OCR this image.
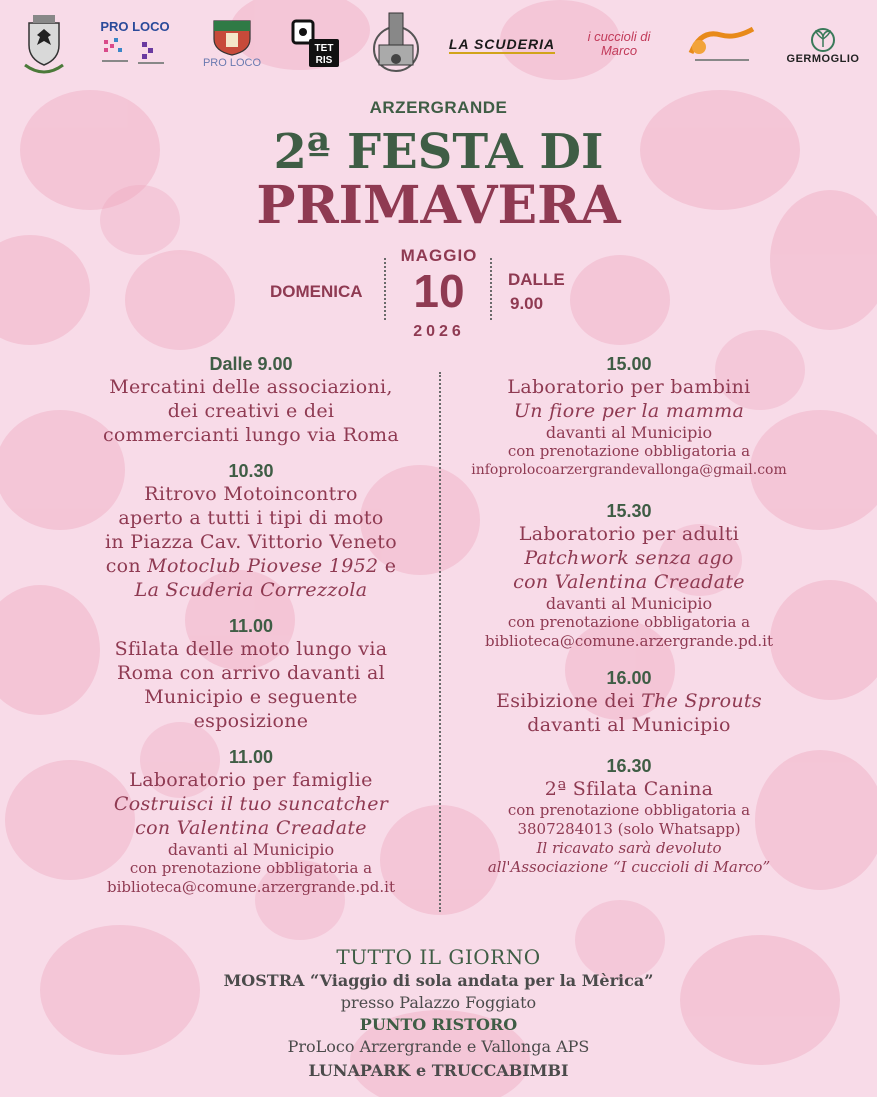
PRO LOCO
PRO LOCO
TET
RIS
LA SCUDERIA i cuccioli di Marco
GERMOGLIO
ARZERGRANDE
2ª FESTA DI
PRIMAVERA
DOMENICA
MAGGIO
10
2026
DALLE
9.00
Dalle 9.00
Mercatini delle associazioni,
dei creativi e dei
commercianti lungo via Roma
10.30
Ritrovo Motoincontro
aperto a tutti i tipi di moto
in Piazza Cav. Vittorio Veneto
con Motoclub Piovese 1952 e
La Scuderia Correzzola
11.00
Sfilata delle moto lungo via
Roma con arrivo davanti al
Municipio e seguente
esposizione
11.00
Laboratorio per famiglie
Costruisci il tuo suncatcher
con Valentina Creadate
davanti al Municipio
con prenotazione obbligatoria a
biblioteca@comune.arzergrande.pd.it
15.00
Laboratorio per bambini
Un fiore per la mamma
davanti al Municipio
con prenotazione obbligatoria a
infoprolocoarzergrandevallonga@gmail.com
15.30
Laboratorio per adulti
Patchwork senza ago
con Valentina Creadate
davanti al Municipio
con prenotazione obbligatoria a
biblioteca@comune.arzergrande.pd.it
16.00
Esibizione dei The Sprouts
davanti al Municipio
16.30
2ª Sfilata Canina
con prenotazione obbligatoria a
3807284013 (solo Whatsapp)
Il ricavato sarà devoluto
all'Associazione “I cuccioli di Marco”
TUTTO IL GIORNO
MOSTRA “Viaggio di sola andata per la Mèrica”
presso Palazzo Foggiato
PUNTO RISTORO
ProLoco Arzergrande e Vallonga APS
LUNAPARK e TRUCCABIMBI
